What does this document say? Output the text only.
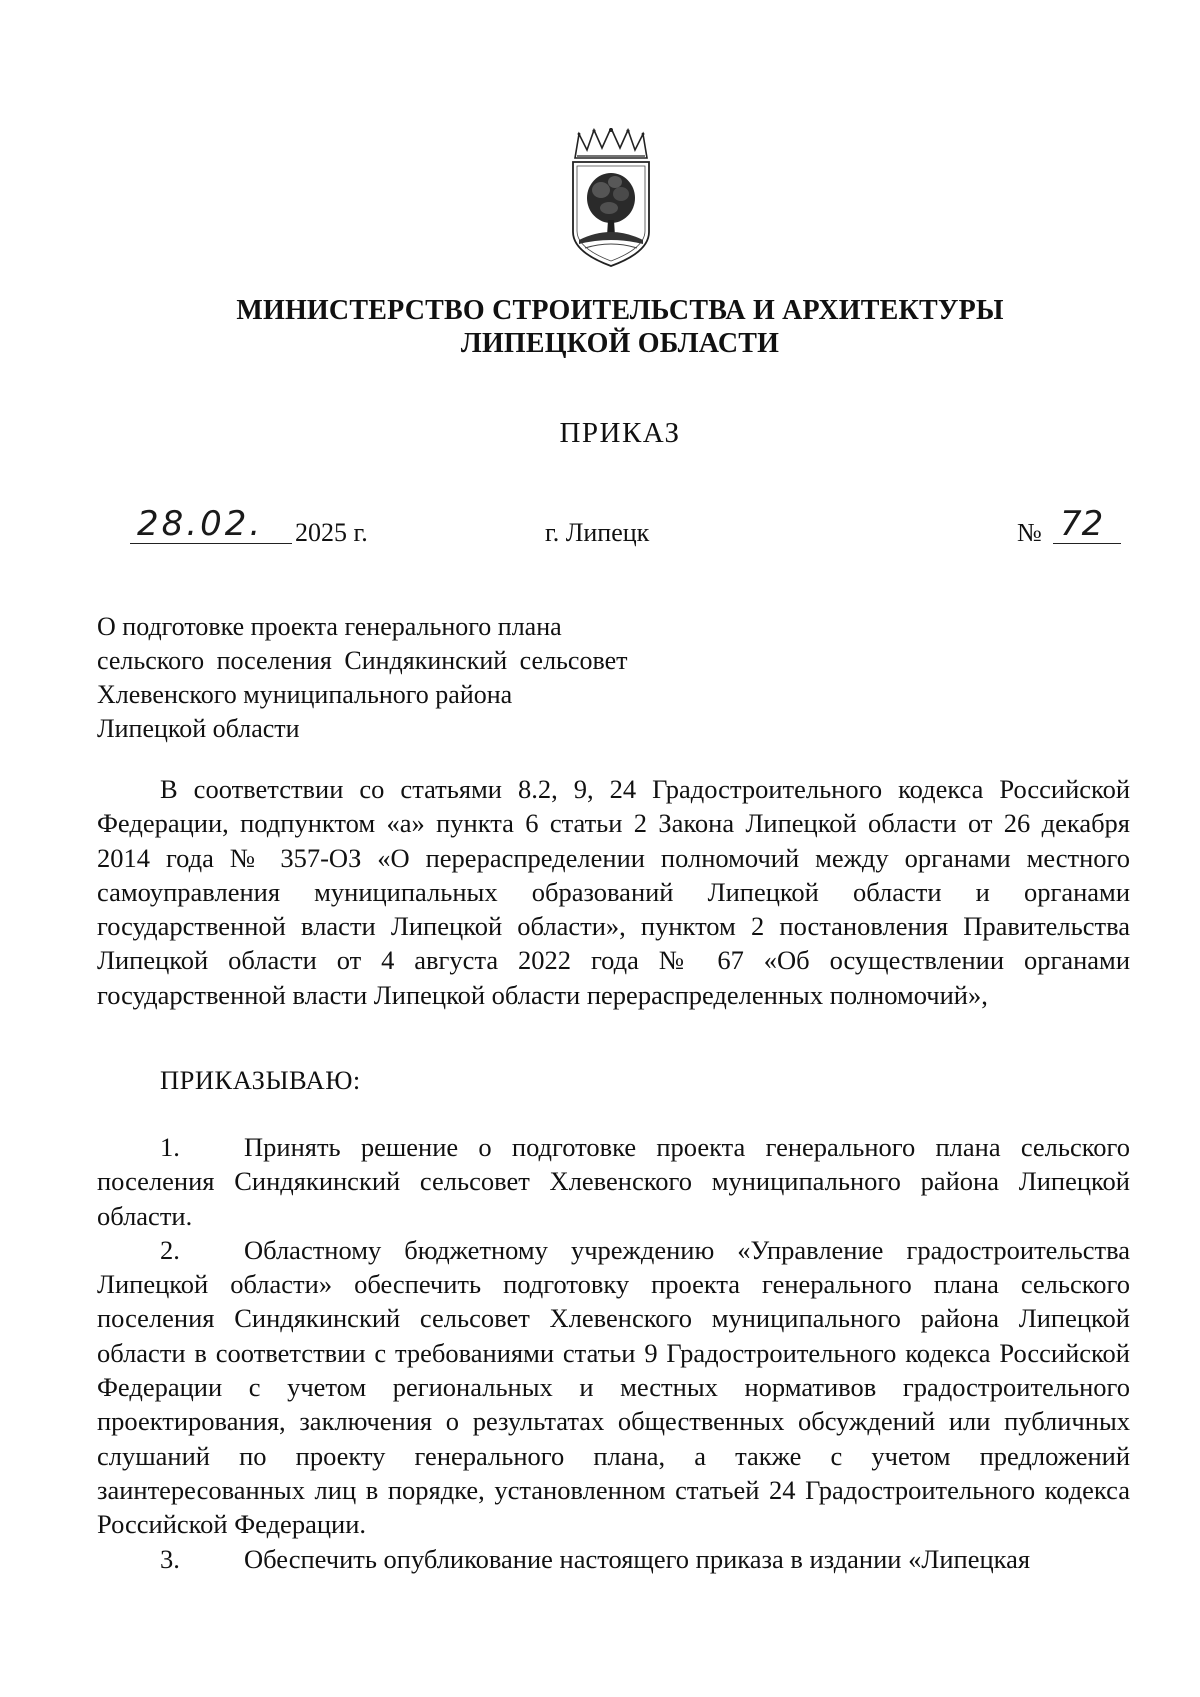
МИНИСТЕРСТВО СТРОИТЕЛЬСТВА И АРХИТЕКТУРЫ
ЛИПЕЦКОЙ ОБЛАСТИ
ПРИКАЗ
28.02. 2025 г.	г. Липецк	№ 72
О подготовке проекта генерального плана
сельского поселения Синдякинский сельсовет
Хлевенского муниципального района
Липецкой области

В соответствии со статьями 8.2, 9, 24 Градостроительного кодекса Российской Федерации, подпунктом «а» пункта 6 статьи 2 Закона Липецкой области от 26 декабря 2014 года № 357-ОЗ «О перераспределении полномочий между органами местного самоуправления муниципальных образований Липецкой области и органами государственной власти Липецкой области», пунктом 2 постановления Правительства Липецкой области от 4 августа 2022 года № 67 «Об осуществлении органами государственной власти Липецкой области перераспределенных полномочий»,

ПРИКАЗЫВАЮ:

1. Принять решение о подготовке проекта генерального плана сельского поселения Синдякинский сельсовет Хлевенского муниципального района Липецкой области.

2. Областному бюджетному учреждению «Управление градостроительства Липецкой области» обеспечить подготовку проекта генерального плана сельского поселения Синдякинский сельсовет Хлевенского муниципального района Липецкой области в соответствии с требованиями статьи 9 Градостроительного кодекса Российской Федерации с учетом региональных и местных нормативов градостроительного проектирования, заключения о результатах общественных обсуждений или публичных слушаний по проекту генерального плана, а также с учетом предложений заинтересованных лиц в порядке, установленном статьей 24 Градостроительного кодекса Российской Федерации.

3. Обеспечить опубликование настоящего приказа в издании «Липецкая
